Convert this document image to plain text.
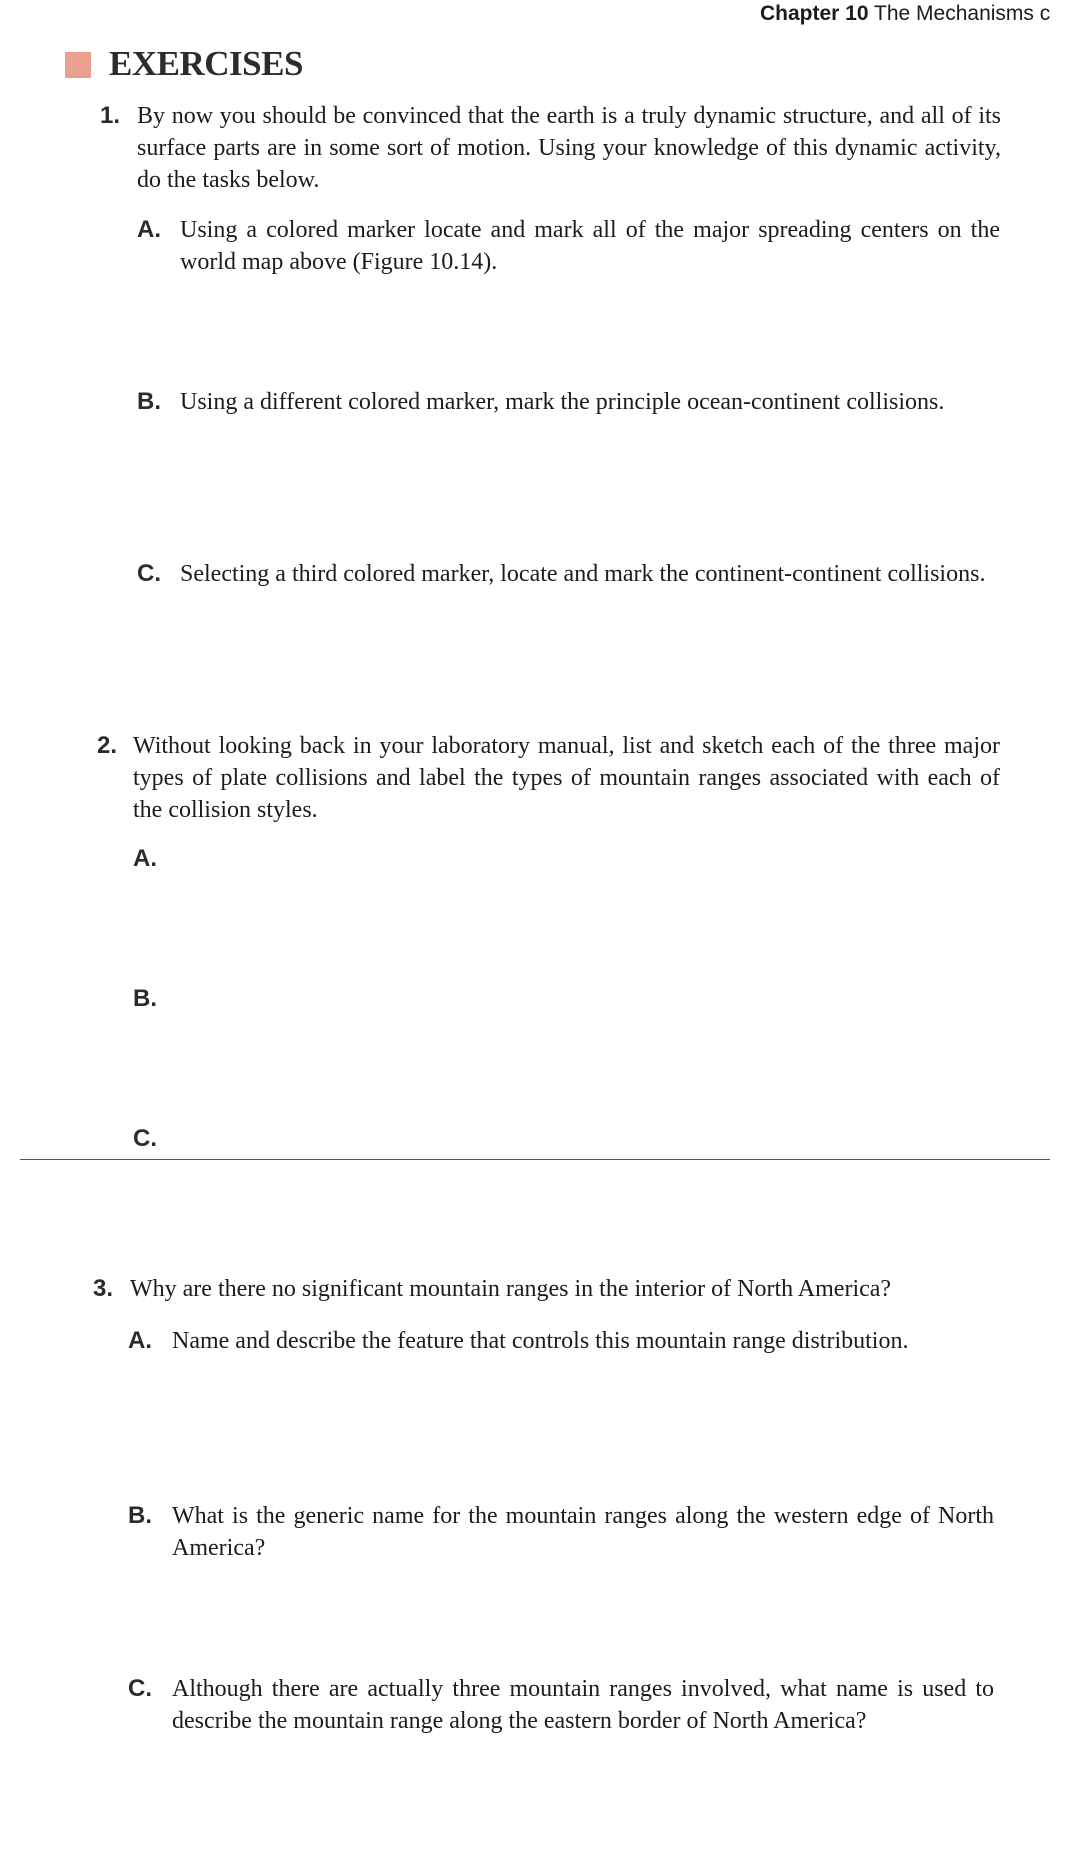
Chapter 10 The Mechanisms c
EXERCISES
1. By now you should be convinced that the earth is a truly dynamic structure, and all of its surface parts are in some sort of motion. Using your knowledge of this dynamic activity, do the tasks below.
A. Using a colored marker locate and mark all of the major spreading centers on the world map above (Figure 10.14).
B. Using a different colored marker, mark the principle ocean-continent collisions.
C. Selecting a third colored marker, locate and mark the continent-continent collisions.
2. Without looking back in your laboratory manual, list and sketch each of the three major types of plate collisions and label the types of mountain ranges associated with each of the collision styles.
A.
B.
C.
3. Why are there no significant mountain ranges in the interior of North America?
A. Name and describe the feature that controls this mountain range distribution.
B. What is the generic name for the mountain ranges along the western edge of North America?
C. Although there are actually three mountain ranges involved, what name is used to describe the mountain range along the eastern border of North America?
